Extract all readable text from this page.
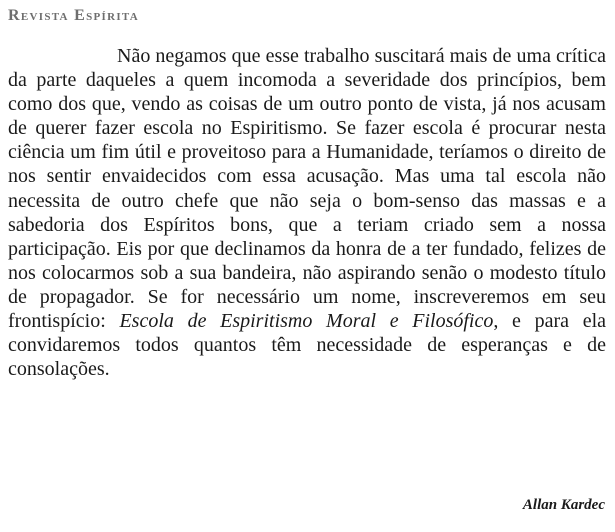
Revista Espírita

Não negamos que esse trabalho suscitará mais de uma crítica da parte daqueles a quem incomoda a severidade dos princípios, bem como dos que, vendo as coisas de um outro ponto de vista, já nos acusam de querer fazer escola no Espiritismo. Se fazer escola é procurar nesta ciência um fim útil e proveitoso para a Humanidade, teríamos o direito de nos sentir envaidecidos com essa acusação. Mas uma tal escola não necessita de outro chefe que não seja o bom-senso das massas e a sabedoria dos Espíritos bons, que a teriam criado sem a nossa participação. Eis por que declinamos da honra de a ter fundado, felizes de nos colocarmos sob a sua bandeira, não aspirando senão o modesto título de propagador. Se for necessário um nome, inscreveremos em seu frontispício: Escola de Espiritismo Moral e Filosófico, e para ela convidaremos todos quantos têm necessidade de esperanças e de consolações.

Allan Kardec
